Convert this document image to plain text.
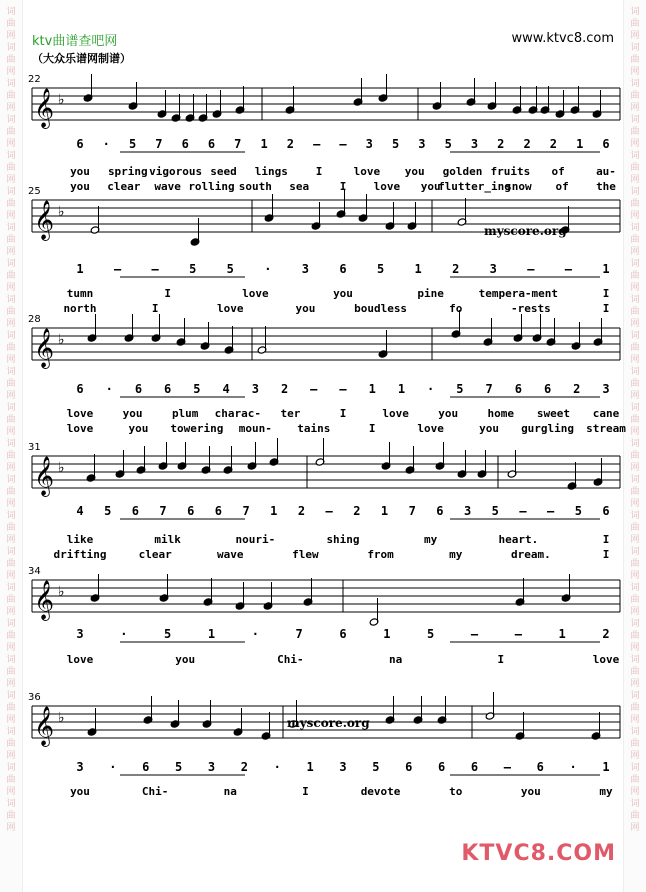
词
曲
网
词
曲
网
词
曲
网
词
曲
网
词
曲
网
词
曲
网
词
曲
网
词
曲
网
词
曲
网
词
曲
网
词
曲
网
词
曲
网
词
曲
网
词
曲
网
词
曲
网
词
曲
网
词
曲
网
词
曲
网
词
曲
网
词
曲
网
词
曲
网
词
曲
网
词
曲
网
词
曲
网
词
曲
网
词
曲
网
词
曲
网
词
曲
网
词
曲
网
词
曲
网
词
曲
网
词
曲
网
词
曲
网
词
曲
网
词
曲
网
词
曲
网
词
曲
网
词
曲
网
词
曲
网
词
曲
网
词
曲
网
词
曲
网
词
曲
网
词
曲
网
词
曲
网
词
曲
网
ktv曲谱查吧网
（大众乐谱网制谱）
www.ktvc8.com
KTVC8.COM
𝄞 ♭
22
𝄞 ♭
25
𝄞 ♭
28
𝄞 ♭
31
𝄞 ♭
34
𝄞 ♭
36
myscore.org
myscore.org
6 · 5 7 6 6 7 1 2 – – 3 5 3 5 3 2 2 2 1 6
you spring vigorous seed lings	I	love you golden fruits of	au-
you clear wave rolling south sea	I love you
flutter_ing
snow of the
1	–	–	5	5	·	3	6	5	1	2	3	–	–	1
tumn	I	love	you	pine	tempera-ment	I
north	I	love	you	boudless	fo	-rests	I
6 · 6 6 5 4 3 2 – – 1 1 · 5 7 6 6 2 3
love	you	plum charac- ter	I	love	you	home sweet cane
love	you towering moun- tains	I	love	you gurgling stream
4 5 6 7 6 6 7 1 2 – 2 1 7 6 3 5 – – 5 6
like	milk	nouri-	shing	my	heart.	I
drifting	clear	wave	flew	from	my	dream.	I
3	·	5	1	·	7	6	1	5	–	–	1	2
love	you	Chi-	na	I	love
3 · 6 5 3 2 · 1 3 5 6 6 6 – 6 · 1
you	Chi-	na	I	devote	to	you	my
